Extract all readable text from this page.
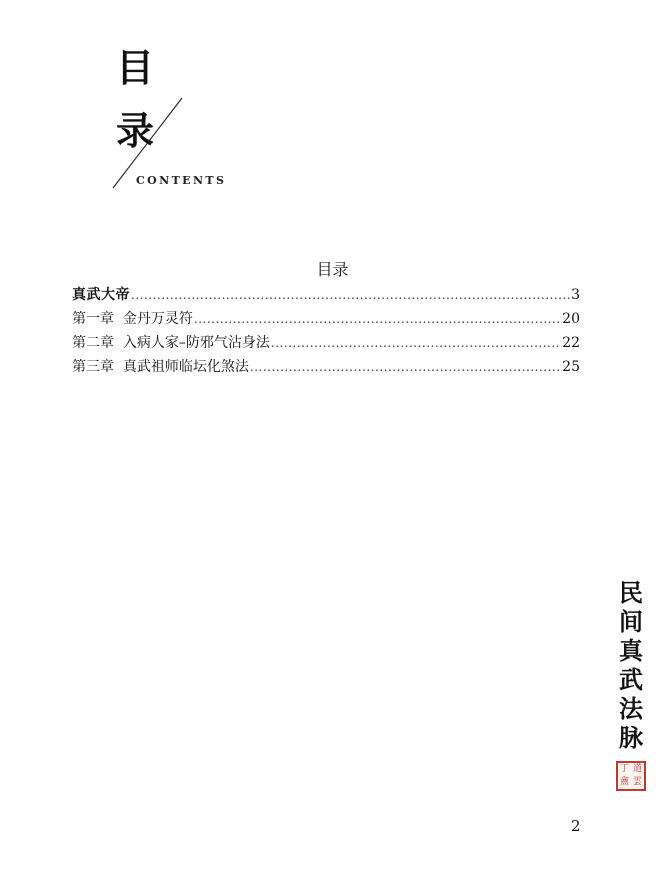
目
录
CONTENTS
目录
真武大帝 .....	3
第一章  金丹万灵符 .....	20
第二章  入病人家–防邪气沾身法 .....	22
第三章  真武祖师临坛化煞法 .....	25
民
间
真
武
法
脉
丁 道
盦 雲
2
